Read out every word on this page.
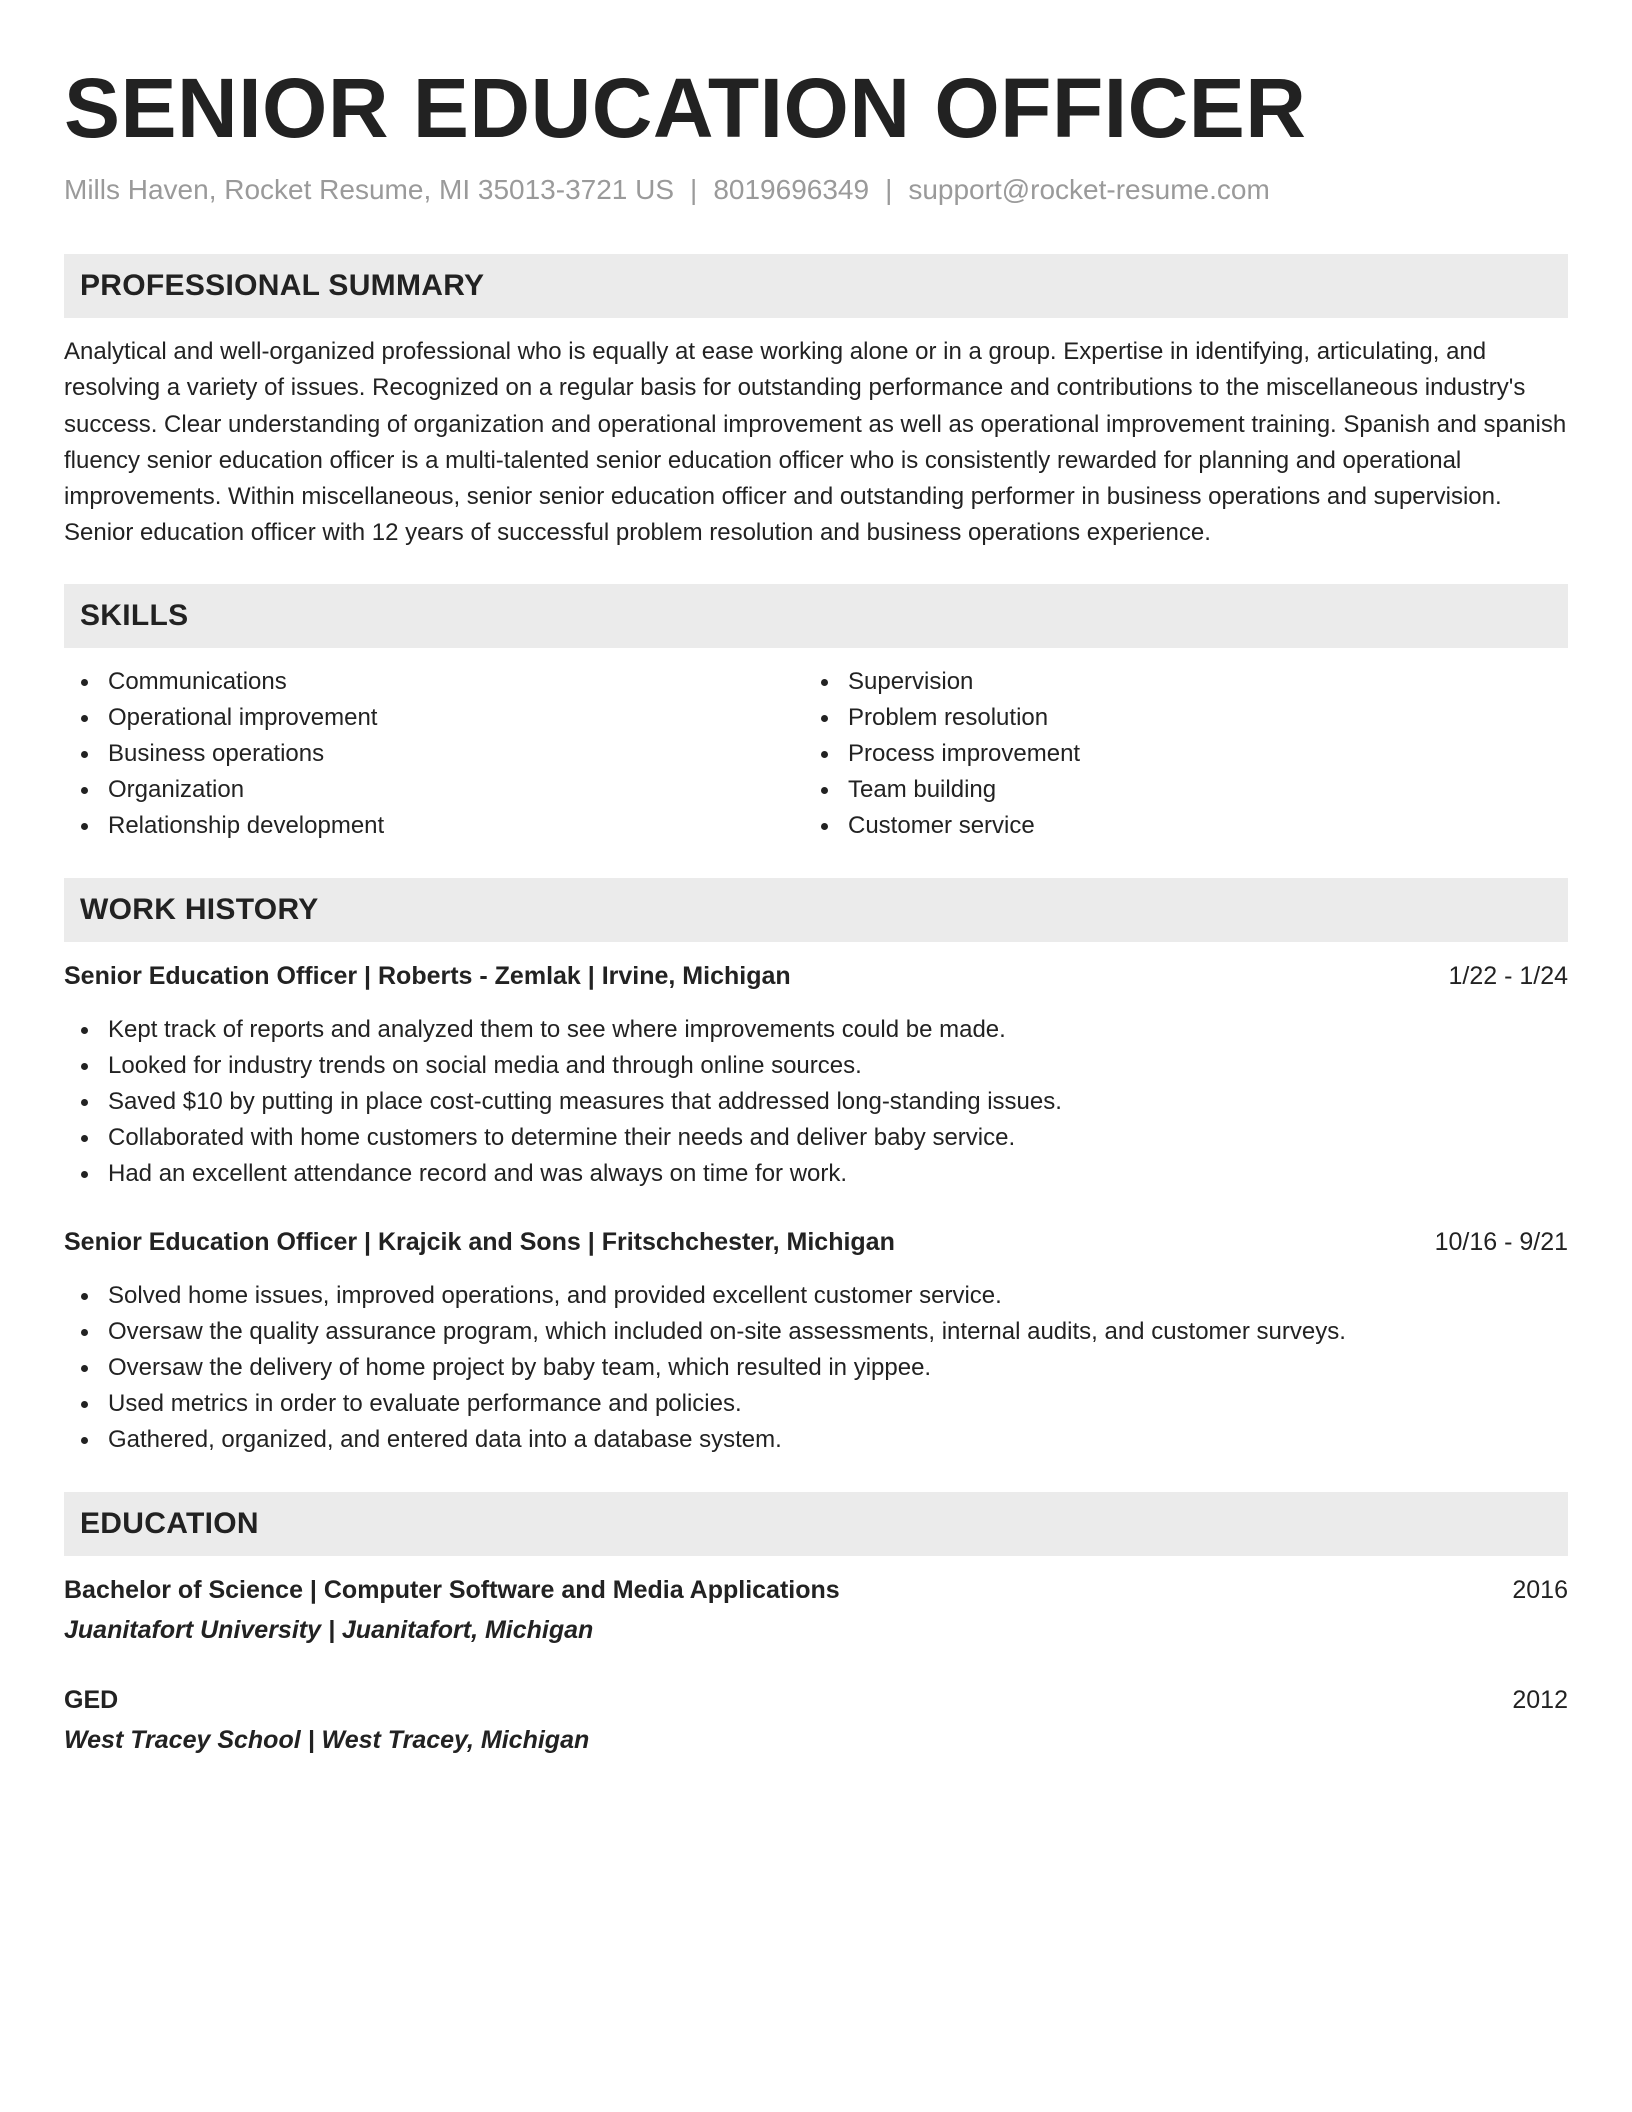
SENIOR EDUCATION OFFICER
Mills Haven, Rocket Resume, MI 35013-3721 US | 8019696349 | support@rocket-resume.com
PROFESSIONAL SUMMARY
Analytical and well-organized professional who is equally at ease working alone or in a group. Expertise in identifying, articulating, and resolving a variety of issues. Recognized on a regular basis for outstanding performance and contributions to the miscellaneous industry's success. Clear understanding of organization and operational improvement as well as operational improvement training. Spanish and spanish fluency senior education officer is a multi-talented senior education officer who is consistently rewarded for planning and operational improvements. Within miscellaneous, senior senior education officer and outstanding performer in business operations and supervision. Senior education officer with 12 years of successful problem resolution and business operations experience.
SKILLS
Communications
Operational improvement
Business operations
Organization
Relationship development
Supervision
Problem resolution
Process improvement
Team building
Customer service
WORK HISTORY
Senior Education Officer | Roberts - Zemlak | Irvine, Michigan	1/22 - 1/24
Kept track of reports and analyzed them to see where improvements could be made.
Looked for industry trends on social media and through online sources.
Saved $10 by putting in place cost-cutting measures that addressed long-standing issues.
Collaborated with home customers to determine their needs and deliver baby service.
Had an excellent attendance record and was always on time for work.
Senior Education Officer | Krajcik and Sons | Fritschchester, Michigan	10/16 - 9/21
Solved home issues, improved operations, and provided excellent customer service.
Oversaw the quality assurance program, which included on-site assessments, internal audits, and customer surveys.
Oversaw the delivery of home project by baby team, which resulted in yippee.
Used metrics in order to evaluate performance and policies.
Gathered, organized, and entered data into a database system.
EDUCATION
Bachelor of Science | Computer Software and Media Applications	2016
Juanitafort University | Juanitafort, Michigan
GED	2012
West Tracey School | West Tracey, Michigan
